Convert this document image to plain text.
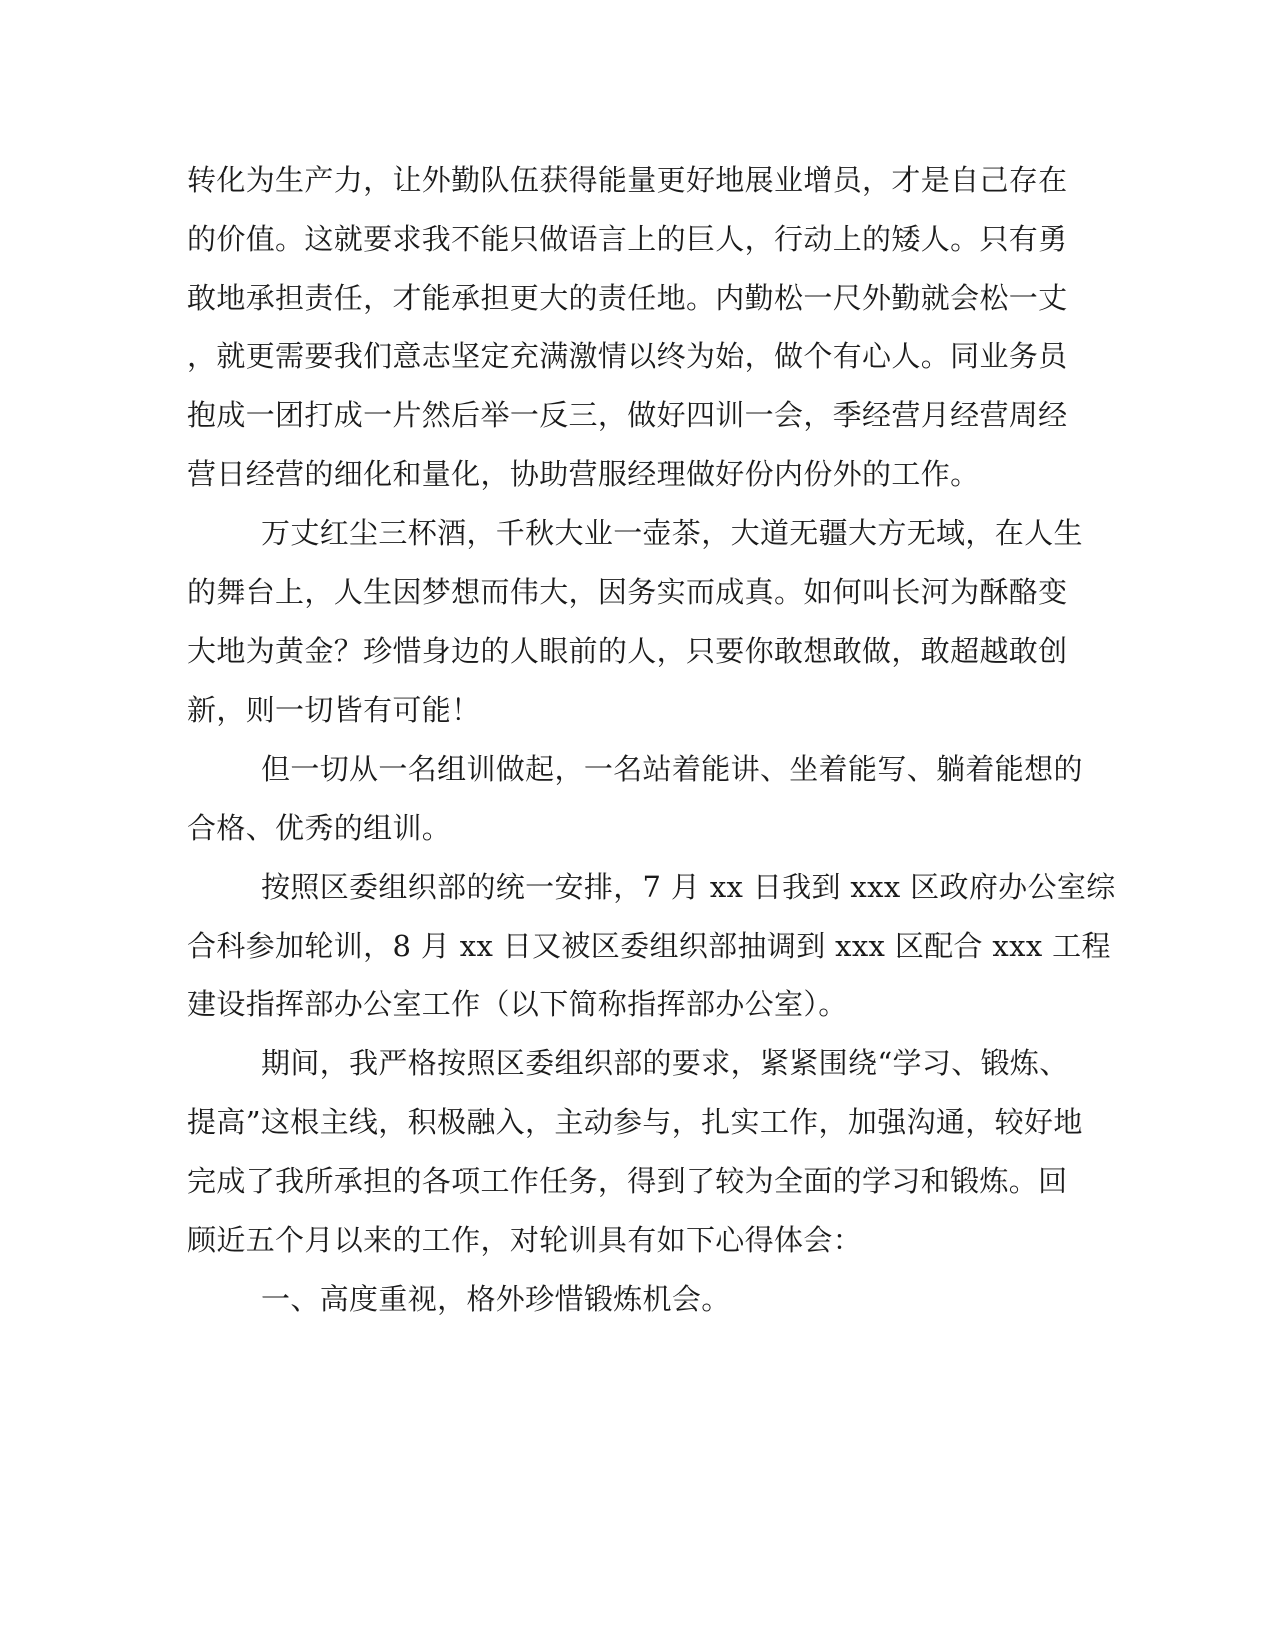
转化为生产力，让外勤队伍获得能量更好地展业增员，才是自己存在
的价值。这就要求我不能只做语言上的巨人，行动上的矮人。只有勇
敢地承担责任，才能承担更大的责任地。内勤松一尺外勤就会松一丈
，就更需要我们意志坚定充满激情以终为始，做个有心人。同业务员
抱成一团打成一片然后举一反三，做好四训一会，季经营月经营周经
营日经营的细化和量化，协助营服经理做好份内份外的工作。
万丈红尘三杯酒，千秋大业一壶茶，大道无疆大方无域，在人生
的舞台上，人生因梦想而伟大，因务实而成真。如何叫长河为酥酪变
大地为黄金？珍惜身边的人眼前的人，只要你敢想敢做，敢超越敢创
新，则一切皆有可能！
但一切从一名组训做起，一名站着能讲、坐着能写、躺着能想的
合格、优秀的组训。
按照区委组织部的统一安排，7 月 xx 日我到 xxx 区政府办公室综
合科参加轮训，8 月 xx 日又被区委组织部抽调到 xxx 区配合 xxx 工程
建设指挥部办公室工作（以下简称指挥部办公室）。
期间，我严格按照区委组织部的要求，紧紧围绕“学习、锻炼、
提高”这根主线，积极融入，主动参与，扎实工作，加强沟通，较好地
完成了我所承担的各项工作任务，得到了较为全面的学习和锻炼。回
顾近五个月以来的工作，对轮训具有如下心得体会：
一、高度重视，格外珍惜锻炼机会。
